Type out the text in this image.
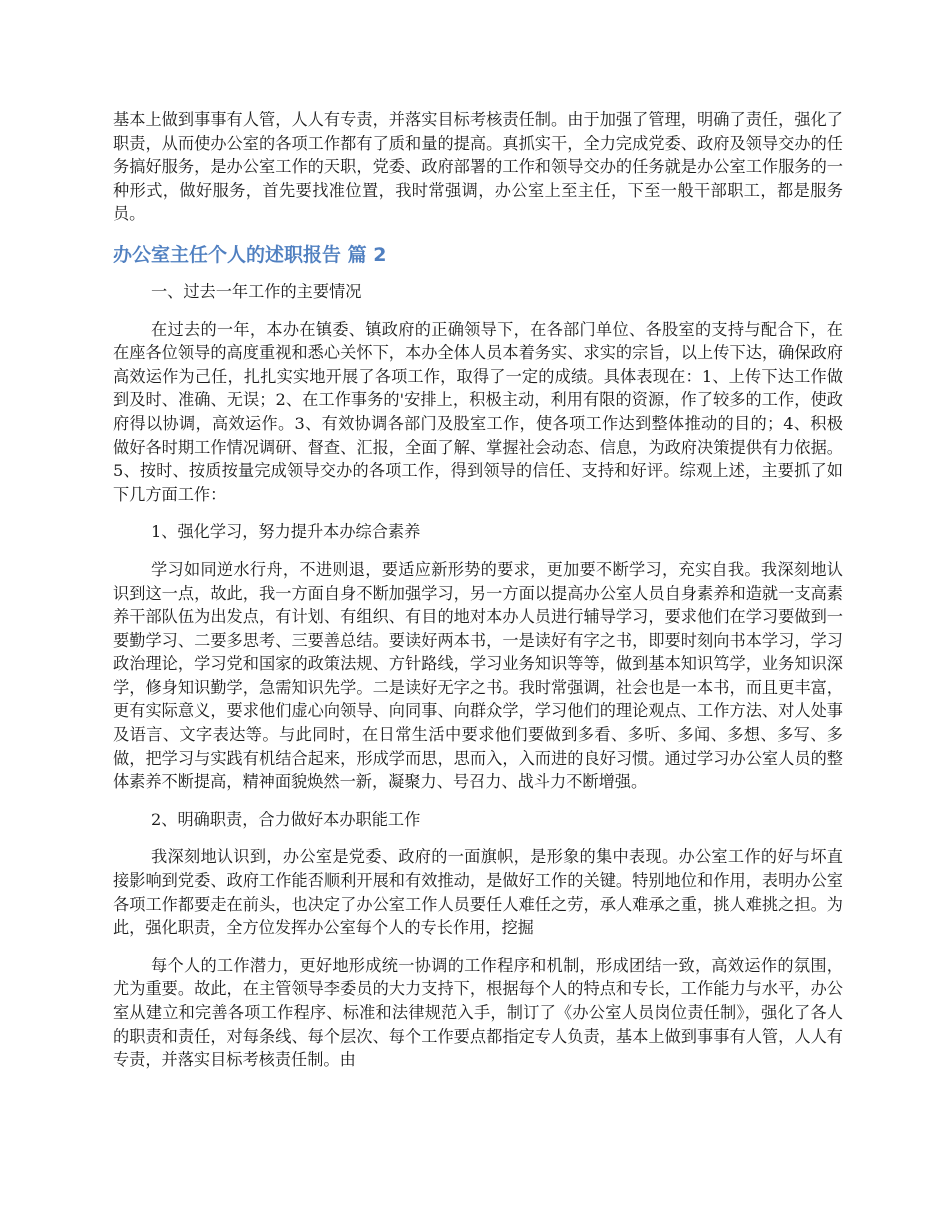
基本上做到事事有人管，人人有专责，并落实目标考核责任制。由于加强了管理，明确了责任，强化了职责，从而使办公室的各项工作都有了质和量的提高。真抓实干，全力完成党委、政府及领导交办的任务搞好服务，是办公室工作的天职，党委、政府部署的工作和领导交办的任务就是办公室工作服务的一种形式，做好服务，首先要找准位置，我时常强调，办公室上至主任，下至一般干部职工，都是服务员。

办公室主任个人的述职报告 篇 2

一、过去一年工作的主要情况

在过去的一年，本办在镇委、镇政府的正确领导下，在各部门单位、各股室的支持与配合下，在在座各位领导的高度重视和悉心关怀下，本办全体人员本着务实、求实的宗旨，以上传下达，确保政府高效运作为己任，扎扎实实地开展了各项工作，取得了一定的成绩。具体表现在：1、上传下达工作做到及时、准确、无误；2、在工作事务的'安排上，积极主动，利用有限的资源，作了较多的工作，使政府得以协调，高效运作。3、有效协调各部门及股室工作，使各项工作达到整体推动的目的；4、积极做好各时期工作情况调研、督查、汇报，全面了解、掌握社会动态、信息，为政府决策提供有力依据。5、按时、按质按量完成领导交办的各项工作，得到领导的信任、支持和好评。综观上述，主要抓了如下几方面工作：

1、强化学习，努力提升本办综合素养

学习如同逆水行舟，不进则退，要适应新形势的要求，更加要不断学习，充实自我。我深刻地认识到这一点，故此，我一方面自身不断加强学习，另一方面以提高办公室人员自身素养和造就一支高素养干部队伍为出发点，有计划、有组织、有目的地对本办人员进行辅导学习，要求他们在学习要做到一要勤学习、二要多思考、三要善总结。要读好两本书，一是读好有字之书，即要时刻向书本学习，学习政治理论，学习党和国家的政策法规、方针路线，学习业务知识等等，做到基本知识笃学，业务知识深学，修身知识勤学，急需知识先学。二是读好无字之书。我时常强调，社会也是一本书，而且更丰富，更有实际意义，要求他们虚心向领导、向同事、向群众学，学习他们的理论观点、工作方法、对人处事及语言、文字表达等。与此同时，在日常生活中要求他们要做到多看、多听、多闻、多想、多写、多做，把学习与实践有机结合起来，形成学而思，思而入，入而进的良好习惯。通过学习办公室人员的整体素养不断提高，精神面貌焕然一新，凝聚力、号召力、战斗力不断增强。

2、明确职责，合力做好本办职能工作

我深刻地认识到，办公室是党委、政府的一面旗帜，是形象的集中表现。办公室工作的好与坏直接影响到党委、政府工作能否顺利开展和有效推动，是做好工作的关键。特别地位和作用，表明办公室各项工作都要走在前头，也决定了办公室工作人员要任人难任之劳，承人难承之重，挑人难挑之担。为此，强化职责，全方位发挥办公室每个人的专长作用，挖掘

每个人的工作潜力，更好地形成统一协调的工作程序和机制，形成团结一致，高效运作的氛围，尤为重要。故此，在主管领导李委员的大力支持下，根据每个人的特点和专长，工作能力与水平，办公室从建立和完善各项工作程序、标准和法律规范入手，制订了《办公室人员岗位责任制》，强化了各人的职责和责任，对每条线、每个层次、每个工作要点都指定专人负责，基本上做到事事有人管，人人有专责，并落实目标考核责任制。由
